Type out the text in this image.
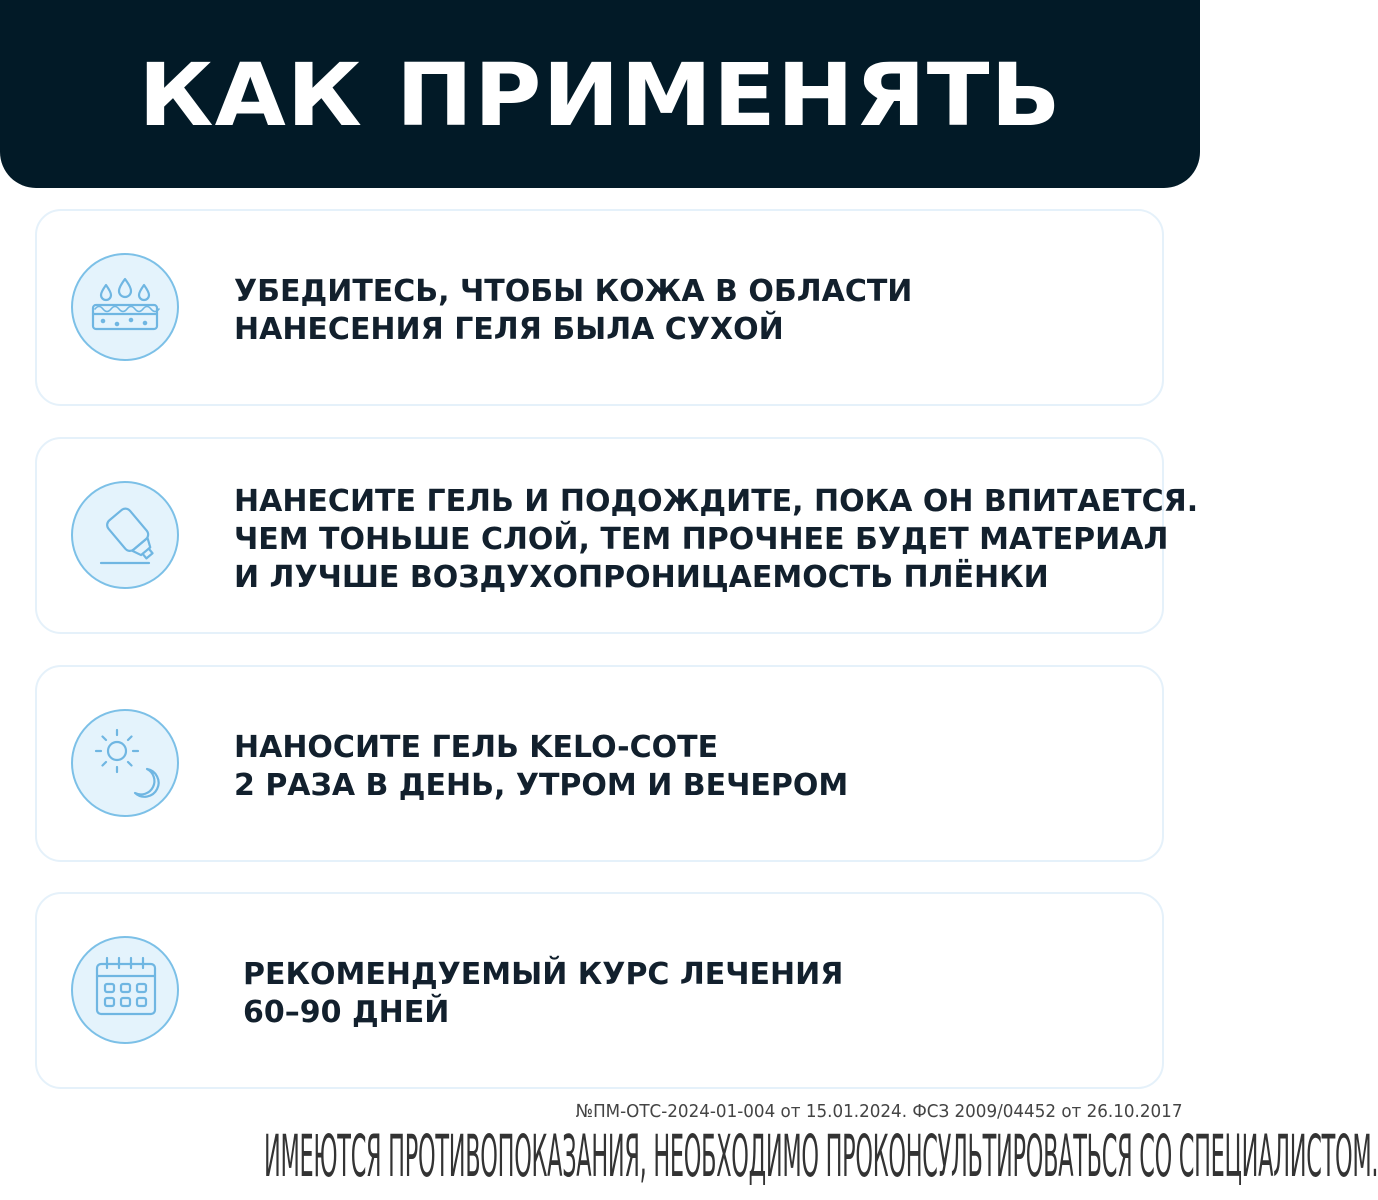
КАК ПРИМЕНЯТЬ

УБЕДИТЕСЬ, ЧТОБЫ КОЖА В ОБЛАСТИ
НАНЕСЕНИЯ ГЕЛЯ БЫЛА СУХОЙ

НАНЕСИТЕ ГЕЛЬ И ПОДОЖДИТЕ, ПОКА ОН ВПИТАЕТСЯ.
ЧЕМ ТОНЬШЕ СЛОЙ, ТЕМ ПРОЧНЕЕ БУДЕТ МАТЕРИАЛ
И ЛУЧШЕ ВОЗДУХОПРОНИЦАЕМОСТЬ ПЛЁНКИ

НАНОСИТЕ ГЕЛЬ KELO-COTE
2 РАЗА В ДЕНЬ, УТРОМ И ВЕЧЕРОМ

РЕКОМЕНДУЕМЫЙ КУРС ЛЕЧЕНИЯ
60–90 ДНЕЙ

№ПМ-ОТС-2024-01-004 от 15.01.2024. ФСЗ 2009/04452 от 26.10.2017
ИМЕЮТСЯ ПРОТИВОПОКАЗАНИЯ, НЕОБХОДИМО ПРОКОНСУЛЬТИРОВАТЬСЯ СО СПЕЦИАЛИСТОМ.
